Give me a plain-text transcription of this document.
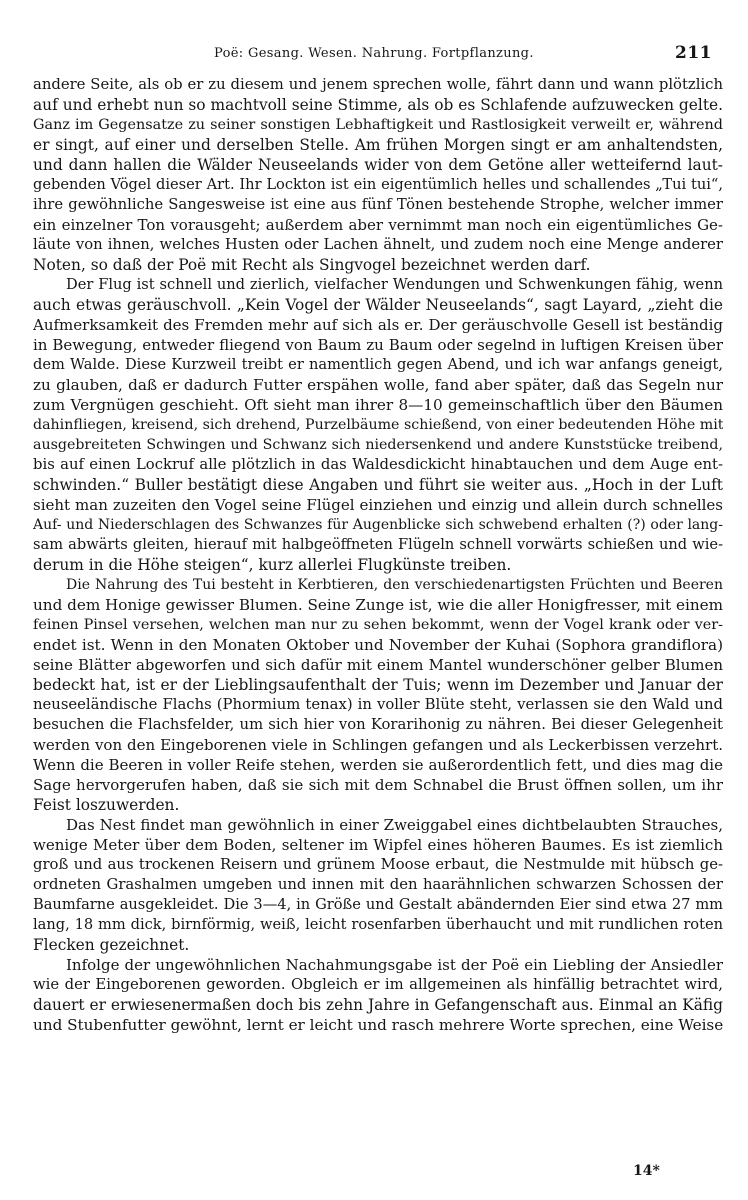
Poë: Gesang. Wesen. Nahrung. Fortpflanzung.	211
andere Seite, als ob er zu diesem und jenem sprechen wolle, fährt dann und wann plötzlich
auf und erhebt nun so machtvoll seine Stimme, als ob es Schlafende aufzuwecken gelte.
Ganz im Gegensatze zu seiner sonstigen Lebhaftigkeit und Rastlosigkeit verweilt er, während
er singt, auf einer und derselben Stelle. Am frühen Morgen singt er am anhaltendsten,
und dann hallen die Wälder Neuseelands wider von dem Getöne aller wetteifernd laut-
gebenden Vögel dieser Art. Ihr Lockton ist ein eigentümlich helles und schallendes „Tui tui“,
ihre gewöhnliche Sangesweise ist eine aus fünf Tönen bestehende Strophe, welcher immer
ein einzelner Ton vorausgeht; außerdem aber vernimmt man noch ein eigentümliches Ge-
läute von ihnen, welches Husten oder Lachen ähnelt, und zudem noch eine Menge anderer
Noten, so daß der Poë mit Recht als Singvogel bezeichnet werden darf.
Der Flug ist schnell und zierlich, vielfacher Wendungen und Schwenkungen fähig, wenn
auch etwas geräuschvoll. „Kein Vogel der Wälder Neuseelands“, sagt Layard, „zieht die
Aufmerksamkeit des Fremden mehr auf sich als er. Der geräuschvolle Gesell ist beständig
in Bewegung, entweder fliegend von Baum zu Baum oder segelnd in luftigen Kreisen über
dem Walde. Diese Kurzweil treibt er namentlich gegen Abend, und ich war anfangs geneigt,
zu glauben, daß er dadurch Futter erspähen wolle, fand aber später, daß das Segeln nur
zum Vergnügen geschieht. Oft sieht man ihrer 8—10 gemeinschaftlich über den Bäumen
dahinfliegen, kreisend, sich drehend, Purzelbäume schießend, von einer bedeutenden Höhe mit
ausgebreiteten Schwingen und Schwanz sich niedersenkend und andere Kunststücke treibend,
bis auf einen Lockruf alle plötzlich in das Waldesdickicht hinabtauchen und dem Auge ent-
schwinden.“ Buller bestätigt diese Angaben und führt sie weiter aus. „Hoch in der Luft
sieht man zuzeiten den Vogel seine Flügel einziehen und einzig und allein durch schnelles
Auf- und Niederschlagen des Schwanzes für Augenblicke sich schwebend erhalten (?) oder lang-
sam abwärts gleiten, hierauf mit halbgeöffneten Flügeln schnell vorwärts schießen und wie-
derum in die Höhe steigen“, kurz allerlei Flugkünste treiben.
Die Nahrung des Tui besteht in Kerbtieren, den verschiedenartigsten Früchten und Beeren
und dem Honige gewisser Blumen. Seine Zunge ist, wie die aller Honigfresser, mit einem
feinen Pinsel versehen, welchen man nur zu sehen bekommt, wenn der Vogel krank oder ver-
endet ist. Wenn in den Monaten Oktober und November der Kuhai (Sophora grandiflora)
seine Blätter abgeworfen und sich dafür mit einem Mantel wunderschöner gelber Blumen
bedeckt hat, ist er der Lieblingsaufenthalt der Tuis; wenn im Dezember und Januar der
neuseeländische Flachs (Phormium tenax) in voller Blüte steht, verlassen sie den Wald und
besuchen die Flachsfelder, um sich hier von Korarihonig zu nähren. Bei dieser Gelegenheit
werden von den Eingeborenen viele in Schlingen gefangen und als Leckerbissen verzehrt.
Wenn die Beeren in voller Reife stehen, werden sie außerordentlich fett, und dies mag die
Sage hervorgerufen haben, daß sie sich mit dem Schnabel die Brust öffnen sollen, um ihr
Feist loszuwerden.
Das Nest findet man gewöhnlich in einer Zweiggabel eines dichtbelaubten Strauches,
wenige Meter über dem Boden, seltener im Wipfel eines höheren Baumes. Es ist ziemlich
groß und aus trockenen Reisern und grünem Moose erbaut, die Nestmulde mit hübsch ge-
ordneten Grashalmen umgeben und innen mit den haarähnlichen schwarzen Schossen der
Baumfarne ausgekleidet. Die 3—4, in Größe und Gestalt abändernden Eier sind etwa 27 mm
lang, 18 mm dick, birnförmig, weiß, leicht rosenfarben überhaucht und mit rundlichen roten
Flecken gezeichnet.
Infolge der ungewöhnlichen Nachahmungsgabe ist der Poë ein Liebling der Ansiedler
wie der Eingeborenen geworden. Obgleich er im allgemeinen als hinfällig betrachtet wird,
dauert er erwiesenermaßen doch bis zehn Jahre in Gefangenschaft aus. Einmal an Käfig
und Stubenfutter gewöhnt, lernt er leicht und rasch mehrere Worte sprechen, eine Weise
14*
